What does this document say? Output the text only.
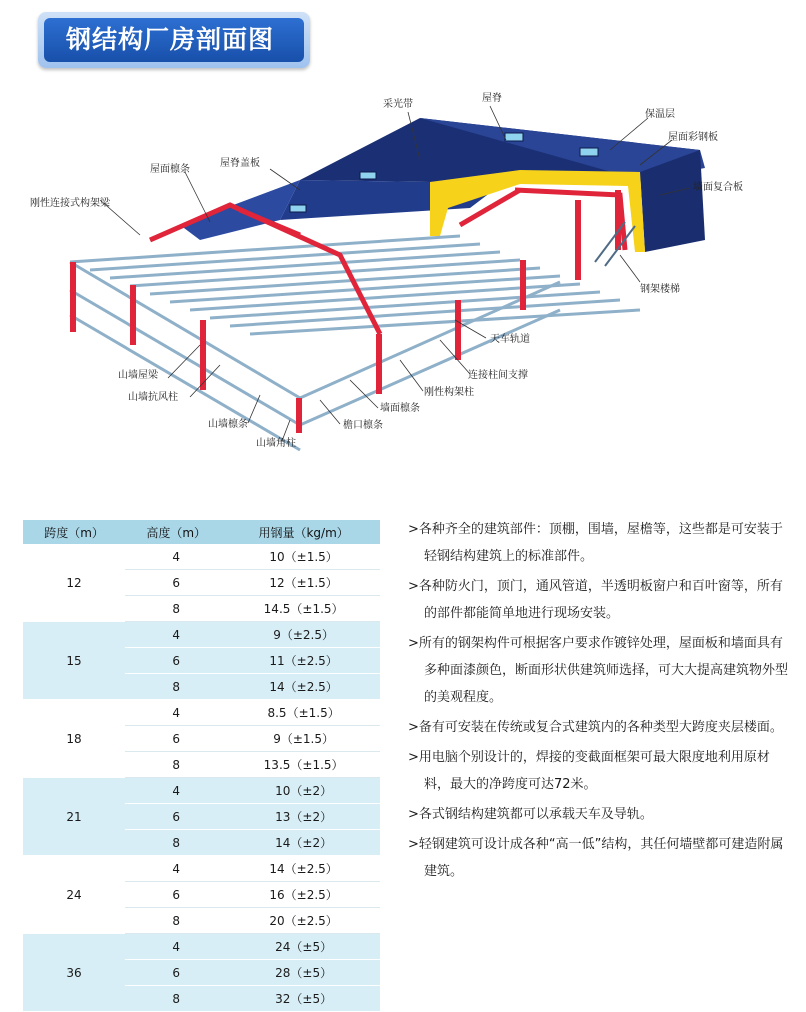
钢结构厂房剖面图
采光带
屋脊
保温层
屋面彩钢板
墙面复合板
屋面檩条
屋脊盖板
刚性连接式构架梁
钢架楼梯
天车轨道
连接柱间支撑
刚性构架柱
墙面檩条
檐口檩条
山墙屋梁
山墙抗风柱
山墙檩条
山墙角柱
跨度（m）	高度（m）	用钢量（kg/m）
12	4	10（±1.5）
	6	12（±1.5）
	8	14.5（±1.5）
15	4	9（±2.5）
	6	11（±2.5）
	8	14（±2.5）
18	4	8.5（±1.5）
	6	9（±1.5）
	8	13.5（±1.5）
21	4	10（±2）
	6	13（±2）
	8	14（±2）
24	4	14（±2.5）
	6	16（±2.5）
	8	20（±2.5）
36	4	24（±5）
	6	28（±5）
	8	32（±5）

>各种齐全的建筑部件：顶棚，围墙，屋檐等，这些都是可安装于轻钢结构建筑上的标准部件。

>各种防火门，顶门，通风管道，半透明板窗户和百叶窗等，所有的部件都能简单地进行现场安装。

>所有的钢架构件可根据客户要求作镀锌处理，屋面板和墙面具有多种面漆颜色，断面形状供建筑师选择，可大大提高建筑物外型的美观程度。

>备有可安装在传统或复合式建筑内的各种类型大跨度夹层楼面。

>用电脑个别设计的，焊接的变截面框架可最大限度地利用原材料，最大的净跨度可达72米。

>各式钢结构建筑都可以承载天车及导轨。

>轻钢建筑可设计成各种“高一低”结构，其任何墙壁都可建造附属建筑。
